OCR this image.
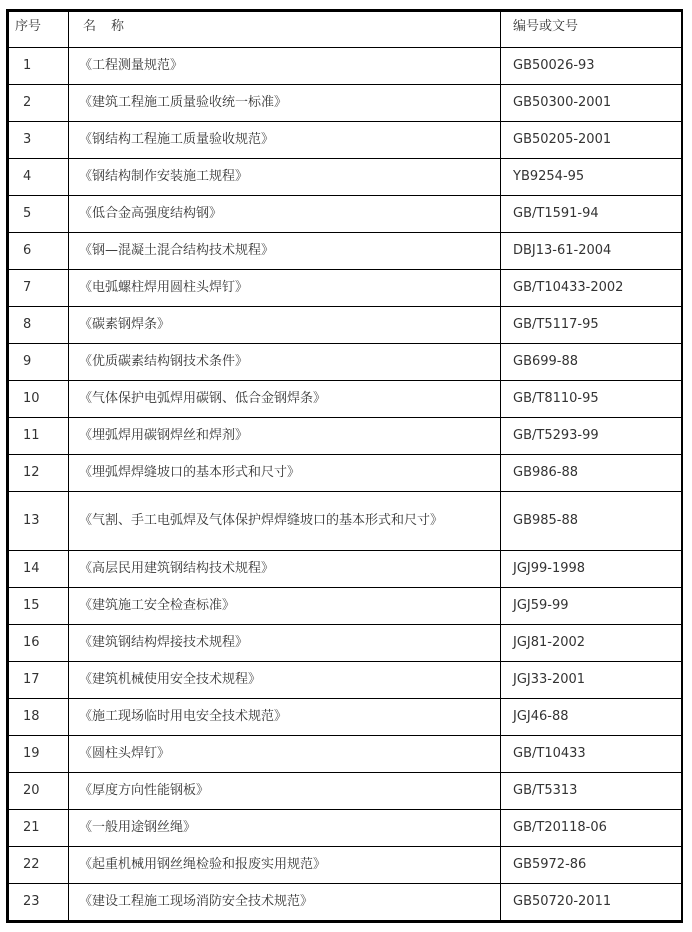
序号	名　称	编号或文号
1	《工程测量规范》	GB50026-93
2	《建筑工程施工质量验收统一标准》	GB50300-2001
3	《钢结构工程施工质量验收规范》	GB50205-2001
4	《钢结构制作安装施工规程》	YB9254-95
5	《低合金高强度结构钢》	GB/T1591-94
6	《钢—混凝土混合结构技术规程》	DBJ13-61-2004
7	《电弧螺柱焊用圆柱头焊钉》	GB/T10433-2002
8	《碳素钢焊条》	GB/T5117-95
9	《优质碳素结构钢技术条件》	GB699-88
10	《气体保护电弧焊用碳钢、低合金钢焊条》	GB/T8110-95
11	《埋弧焊用碳钢焊丝和焊剂》	GB/T5293-99
12	《埋弧焊焊缝坡口的基本形式和尺寸》	GB986-88
13	《气割、手工电弧焊及气体保护焊焊缝坡口的基本形式和尺寸》	GB985-88
14	《高层民用建筑钢结构技术规程》	JGJ99-1998
15	《建筑施工安全检查标准》	JGJ59-99
16	《建筑钢结构焊接技术规程》	JGJ81-2002
17	《建筑机械使用安全技术规程》	JGJ33-2001
18	《施工现场临时用电安全技术规范》	JGJ46-88
19	《圆柱头焊钉》	GB/T10433
20	《厚度方向性能钢板》	GB/T5313
21	《一般用途钢丝绳》	GB/T20118-06
22	《起重机械用钢丝绳检验和报废实用规范》	GB5972-86
23	《建设工程施工现场消防安全技术规范》	GB50720-2011
